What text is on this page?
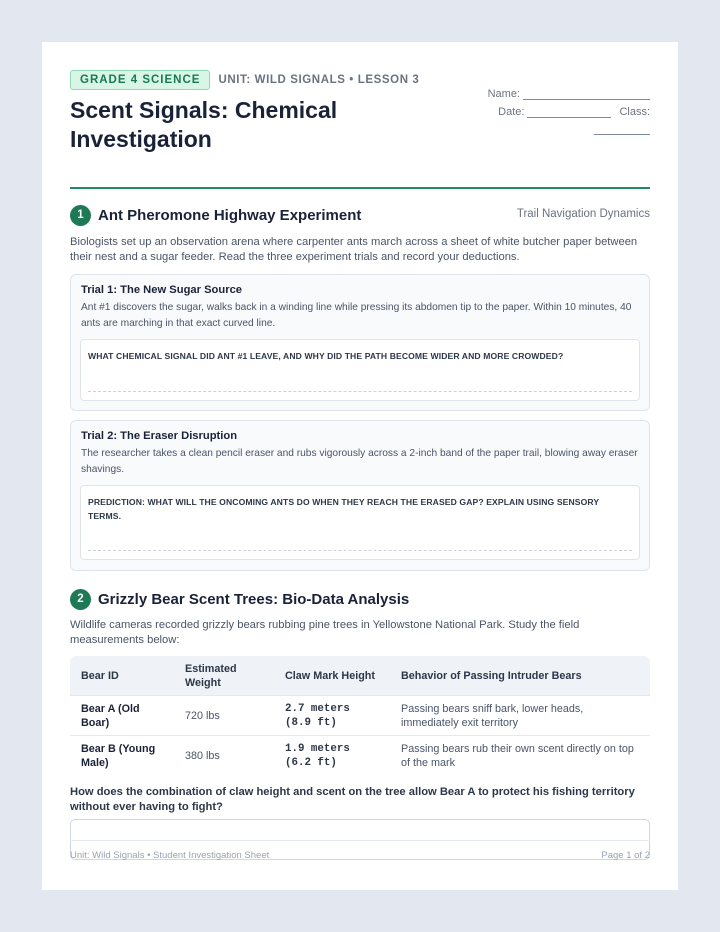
GRADE 4 SCIENCE	UNIT: WILD SIGNALS • LESSON 3
Scent Signals: Chemical Investigation
Name:
Date:	Class:
1 Ant Pheromone Highway Experiment	Trail Navigation Dynamics
Biologists set up an observation arena where carpenter ants march across a sheet of white butcher paper between their nest and a sugar feeder. Read the three experiment trials and record your deductions.
Trial 1: The New Sugar Source
Ant #1 discovers the sugar, walks back in a winding line while pressing its abdomen tip to the paper. Within 10 minutes, 40 ants are marching in that exact curved line.
WHAT CHEMICAL SIGNAL DID ANT #1 LEAVE, AND WHY DID THE PATH BECOME WIDER AND MORE CROWDED?
Trial 2: The Eraser Disruption
The researcher takes a clean pencil eraser and rubs vigorously across a 2-inch band of the paper trail, blowing away eraser shavings.
PREDICTION: WHAT WILL THE ONCOMING ANTS DO WHEN THEY REACH THE ERASED GAP? EXPLAIN USING SENSORY TERMS.
2 Grizzly Bear Scent Trees: Bio-Data Analysis
Wildlife cameras recorded grizzly bears rubbing pine trees in Yellowstone National Park. Study the field measurements below:
Bear ID	Estimated Weight	Claw Mark Height	Behavior of Passing Intruder Bears
Bear A (Old Boar)	720 lbs	2.7 meters (8.9 ft)	Passing bears sniff bark, lower heads, immediately exit territory
Bear B (Young Male)	380 lbs	1.9 meters (6.2 ft)	Passing bears rub their own scent directly on top of the mark
How does the combination of claw height and scent on the tree allow Bear A to protect his fishing territory without ever having to fight?
Unit: Wild Signals • Student Investigation Sheet	Page 1 of 2
